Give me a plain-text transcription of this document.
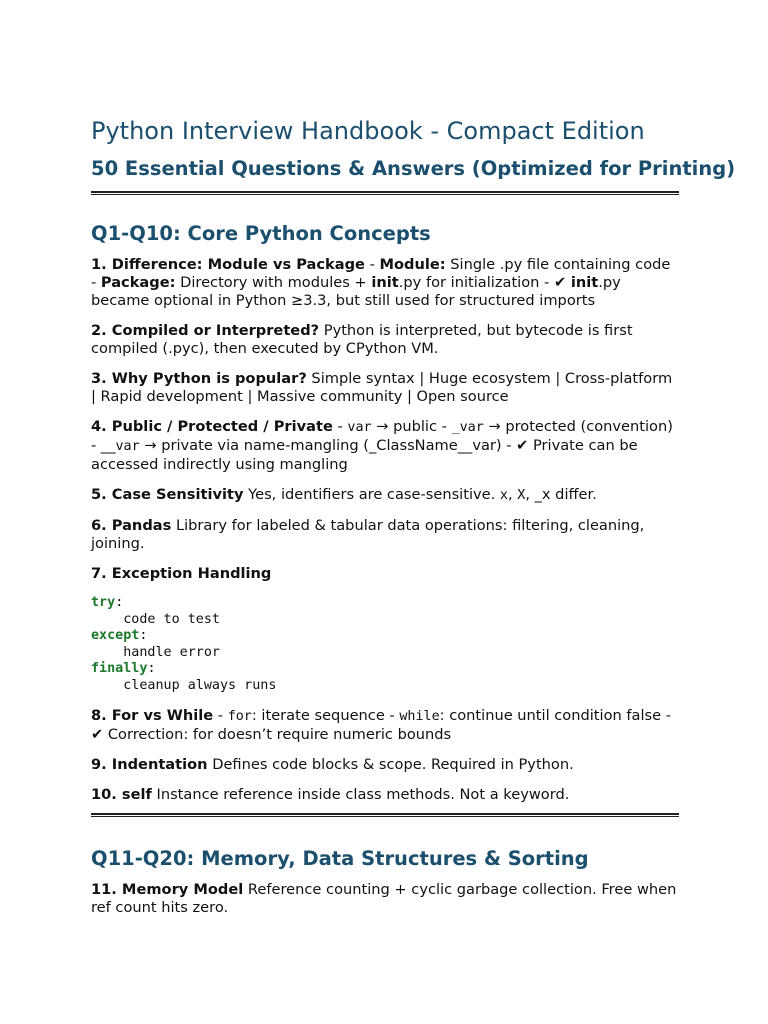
Python Interview Handbook - Compact Edition
50 Essential Questions & Answers (Optimized for Printing)
Q1-Q10: Core Python Concepts

1. Difference: Module vs Package - Module: Single .py file containing code - Package: Directory with modules + init.py for initialization - ✔ init.py became optional in Python ≥3.3, but still used for structured imports

2. Compiled or Interpreted? Python is interpreted, but bytecode is first compiled (.pyc), then executed by CPython VM.

3. Why Python is popular? Simple syntax | Huge ecosystem | Cross-platform | Rapid development | Massive community | Open source

4. Public / Protected / Private - var → public - _var → protected (convention) - __var → private via name-mangling (_ClassName__var) - ✔ Private can be accessed indirectly using mangling

5. Case Sensitivity Yes, identifiers are case-sensitive. x, X, _x differ.

6. Pandas Library for labeled & tabular data operations: filtering, cleaning, joining.

7. Exception Handling

try:
code to test
except:
handle error
finally:
cleanup always runs

8. For vs While - for: iterate sequence - while: continue until condition false - ✔ Correction: for doesn’t require numeric bounds

9. Indentation Defines code blocks & scope. Required in Python.

10. self Instance reference inside class methods. Not a keyword.

Q11-Q20: Memory, Data Structures & Sorting

11. Memory Model Reference counting + cyclic garbage collection. Free when ref count hits zero.
